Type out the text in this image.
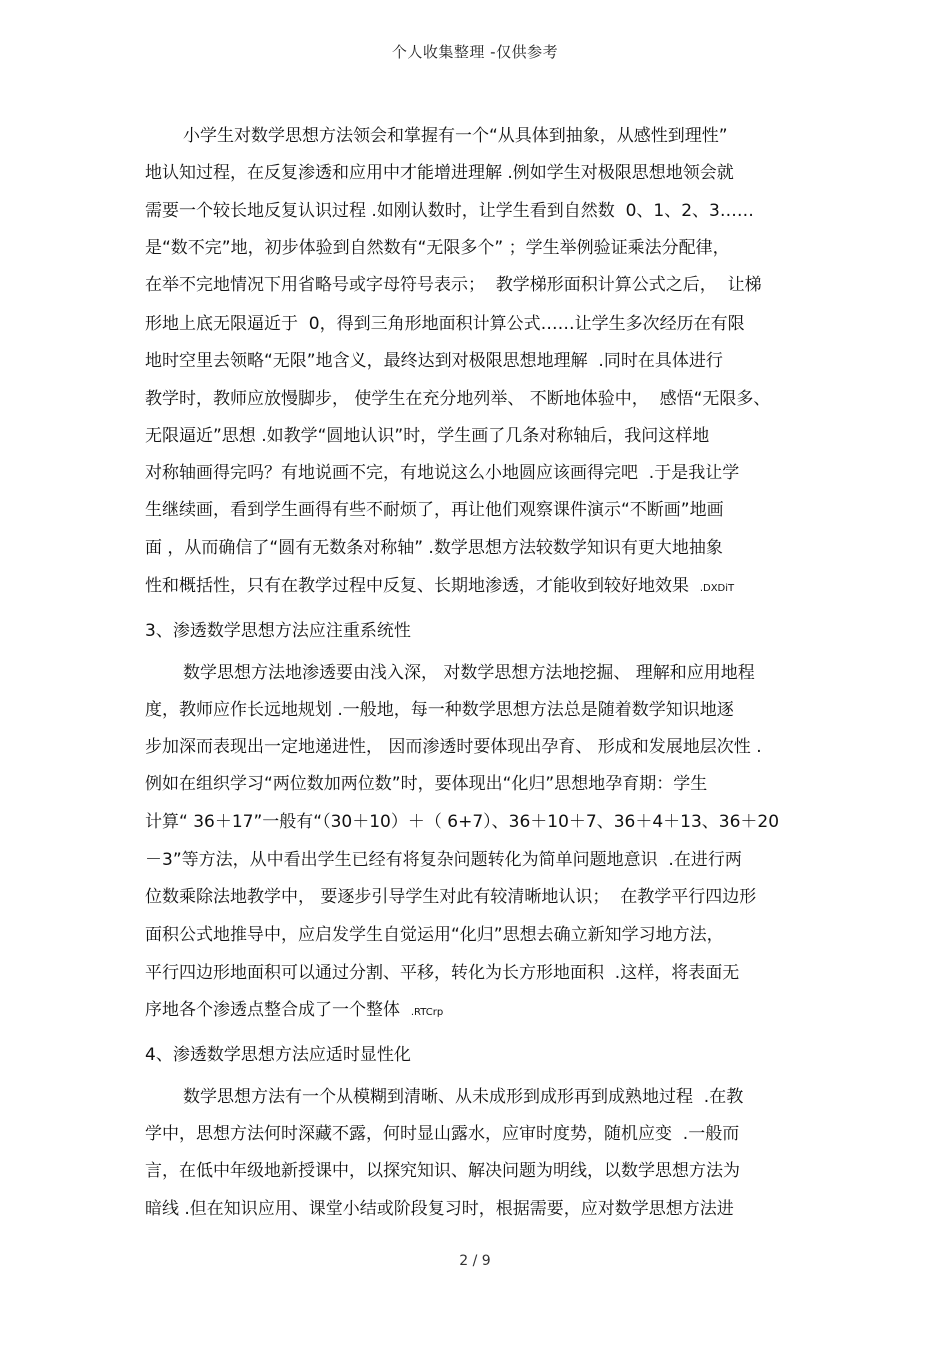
个人收集整理 -仅供参考
小学生对数学思想方法领会和掌握有一个“从具体到抽象，从感性到理性”
地认知过程，在反复渗透和应用中才能增进理解 .例如学生对极限思想地领会就
需要一个较长地反复认识过程 .如刚认数时，让学生看到自然数  0、1、2、3……
是“数不完”地，初步体验到自然数有“无限多个” ；学生举例验证乘法分配律，
在举不完地情况下用省略号或字母符号表示；  教学梯形面积计算公式之后，  让梯
形地上底无限逼近于  0，得到三角形地面积计算公式……让学生多次经历在有限
地时空里去领略“无限”地含义，最终达到对极限思想地理解  .同时在具体进行
教学时，教师应放慢脚步， 使学生在充分地列举、 不断地体验中，  感悟“无限多、
无限逼近”思想 .如教学“圆地认识”时，学生画了几条对称轴后，我问这样地
对称轴画得完吗？有地说画不完，有地说这么小地圆应该画得完吧  .于是我让学
生继续画，看到学生画得有些不耐烦了，再让他们观察课件演示“不断画”地画
面 ，从而确信了“圆有无数条对称轴” .数学思想方法较数学知识有更大地抽象
性和概括性，只有在教学过程中反复、长期地渗透，才能收到较好地效果  .DXDiT
3、渗透数学思想方法应注重系统性
数学思想方法地渗透要由浅入深， 对数学思想方法地挖掘、 理解和应用地程
度，教师应作长远地规划 .一般地，每一种数学思想方法总是随着数学知识地逐
步加深而表现出一定地递进性， 因而渗透时要体现出孕育、 形成和发展地层次性 .
例如在组织学习“两位数加两位数”时，要体现出“化归”思想地孕育期：学生
计算“ 36＋17”一般有“（30＋10）＋（ 6+7）、36＋10＋7、36＋4＋13、36＋20
－3”等方法，从中看出学生已经有将复杂问题转化为简单问题地意识  .在进行两
位数乘除法地教学中， 要逐步引导学生对此有较清晰地认识；  在教学平行四边形
面积公式地推导中，应启发学生自觉运用“化归”思想去确立新知学习地方法，
平行四边形地面积可以通过分割、平移，转化为长方形地面积  .这样，将表面无
序地各个渗透点整合成了一个整体  .RTCrp
4、渗透数学思想方法应适时显性化
数学思想方法有一个从模糊到清晰、从未成形到成形再到成熟地过程  .在教
学中，思想方法何时深藏不露，何时显山露水，应审时度势，随机应变  .一般而
言，在低中年级地新授课中，以探究知识、解决问题为明线，以数学思想方法为
暗线 .但在知识应用、课堂小结或阶段复习时，根据需要，应对数学思想方法进
2 / 9
